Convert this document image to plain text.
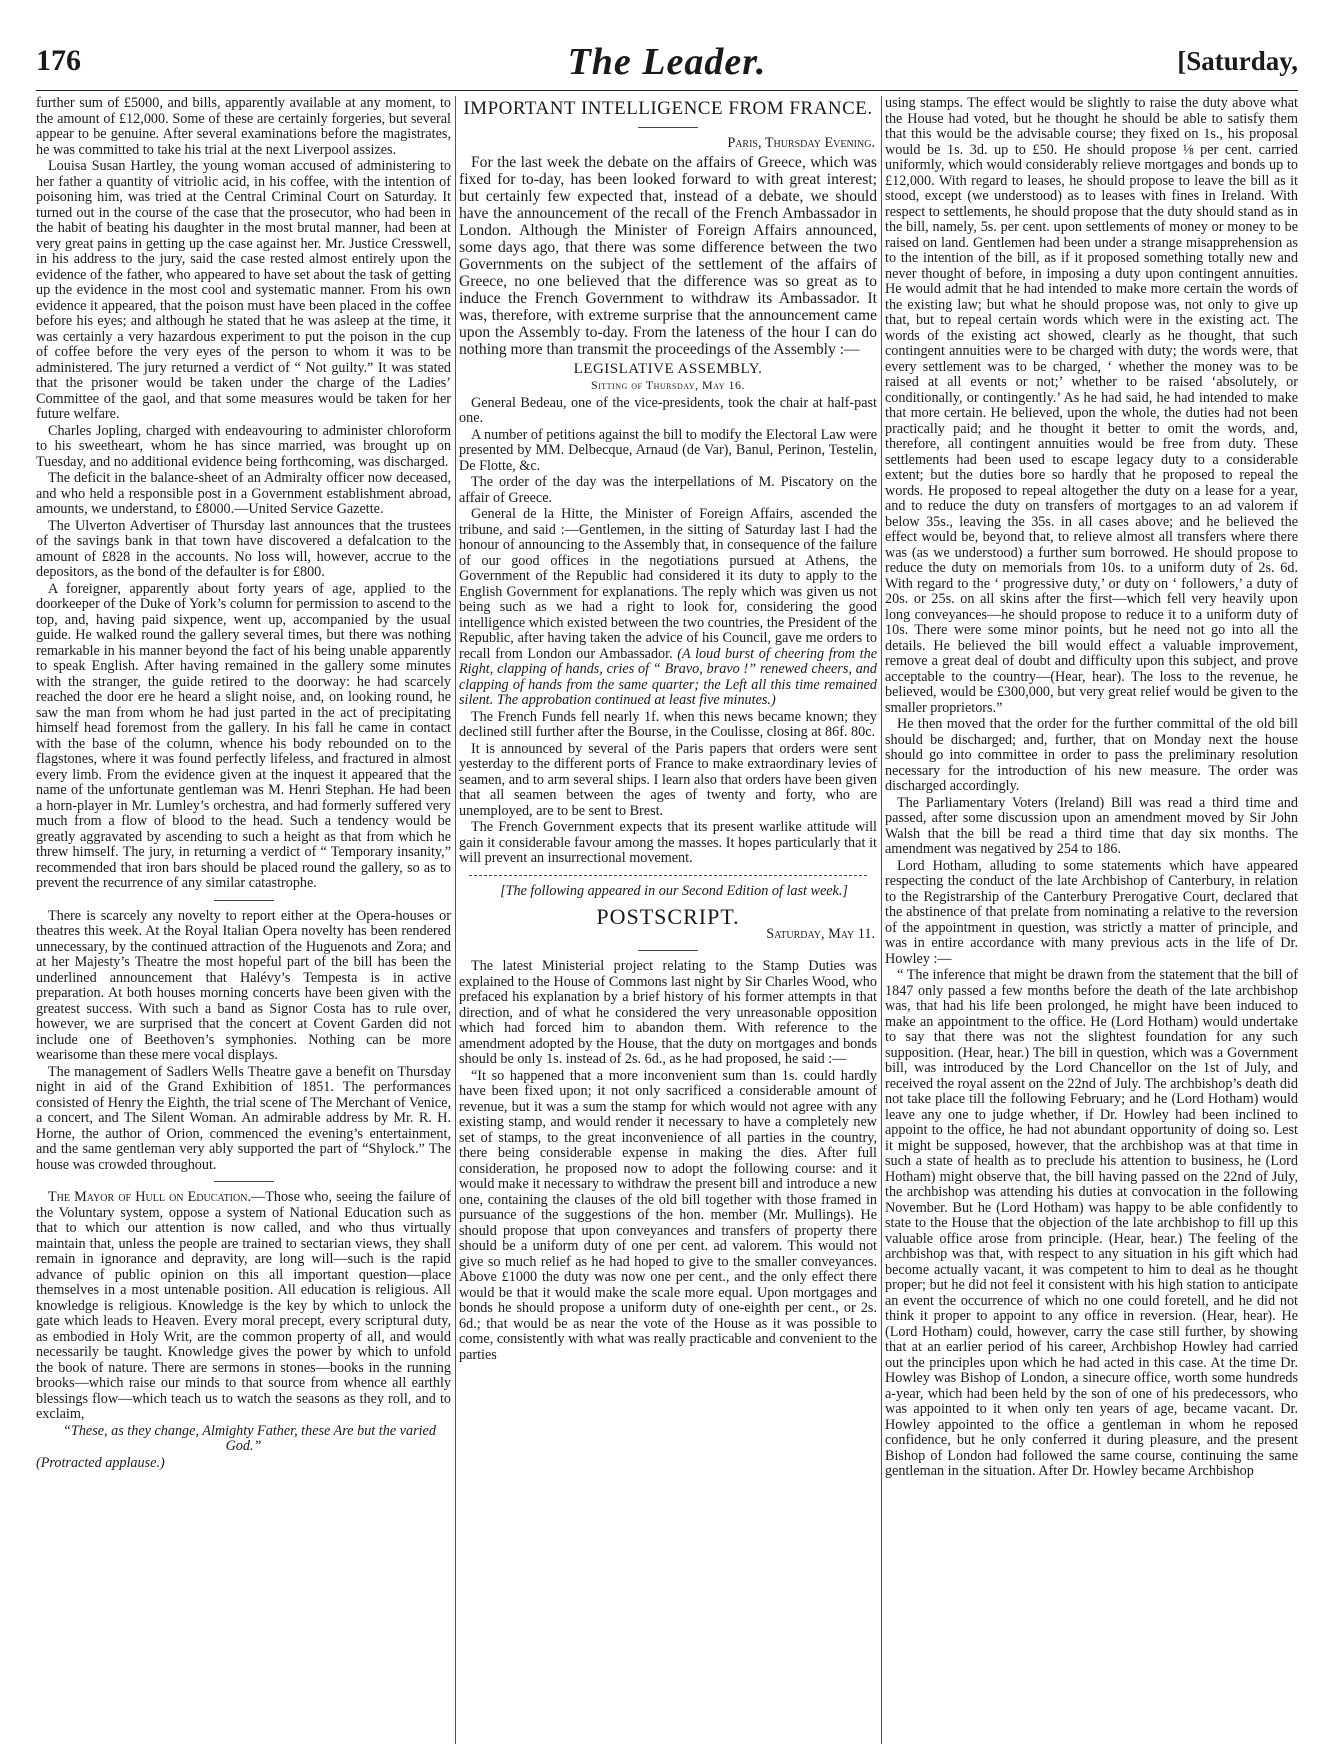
176	The Leader.	[Saturday,

further sum of £5000, and bills, apparently available at any moment, to the amount of £12,000. Some of these are certainly forgeries, but several appear to be genuine. After several examinations before the magistrates, he was committed to take his trial at the next Liverpool assizes.

Louisa Susan Hartley, the young woman accused of administering to her father a quantity of vitriolic acid, in his coffee, with the intention of poisoning him, was tried at the Central Criminal Court on Saturday. It turned out in the course of the case that the prosecutor, who had been in the habit of beating his daughter in the most brutal manner, had been at very great pains in getting up the case against her. Mr. Justice Cresswell, in his address to the jury, said the case rested almost entirely upon the evidence of the father, who appeared to have set about the task of getting up the evidence in the most cool and systematic manner. From his own evidence it appeared, that the poison must have been placed in the coffee before his eyes; and although he stated that he was asleep at the time, it was certainly a very hazardous experiment to put the poison in the cup of coffee before the very eyes of the person to whom it was to be administered. The jury returned a verdict of “ Not guilty.” It was stated that the prisoner would be taken under the charge of the Ladies’ Committee of the gaol, and that some measures would be taken for her future welfare.

Charles Jopling, charged with endeavouring to administer chloroform to his sweetheart, whom he has since married, was brought up on Tuesday, and no additional evidence being forthcoming, was discharged.

The deficit in the balance-sheet of an Admiralty officer now deceased, and who held a responsible post in a Government establishment abroad, amounts, we understand, to £8000.—United Service Gazette.

The Ulverton Advertiser of Thursday last announces that the trustees of the savings bank in that town have discovered a defalcation to the amount of £828 in the accounts. No loss will, however, accrue to the depositors, as the bond of the defaulter is for £800.

A foreigner, apparently about forty years of age, applied to the doorkeeper of the Duke of York’s column for permission to ascend to the top, and, having paid sixpence, went up, accompanied by the usual guide. He walked round the gallery several times, but there was nothing remarkable in his manner beyond the fact of his being unable apparently to speak English. After having remained in the gallery some minutes with the stranger, the guide retired to the doorway: he had scarcely reached the door ere he heard a slight noise, and, on looking round, he saw the man from whom he had just parted in the act of precipitating himself head foremost from the gallery. In his fall he came in contact with the base of the column, whence his body rebounded on to the flagstones, where it was found perfectly lifeless, and fractured in almost every limb. From the evidence given at the inquest it appeared that the name of the unfortunate gentleman was M. Henri Stephan. He had been a horn-player in Mr. Lumley’s orchestra, and had formerly suffered very much from a flow of blood to the head. Such a tendency would be greatly aggravated by ascending to such a height as that from which he threw himself. The jury, in returning a verdict of “ Temporary insanity,” recommended that iron bars should be placed round the gallery, so as to prevent the recurrence of any similar catastrophe.

There is scarcely any novelty to report either at the Opera-houses or theatres this week. At the Royal Italian Opera novelty has been rendered unnecessary, by the continued attraction of the Huguenots and Zora; and at her Majesty’s Theatre the most hopeful part of the bill has been the underlined announcement that Halévy’s Tempesta is in active preparation. At both houses morning concerts have been given with the greatest success. With such a band as Signor Costa has to rule over, however, we are surprised that the concert at Covent Garden did not include one of Beethoven’s symphonies. Nothing can be more wearisome than these mere vocal displays.

The management of Sadlers Wells Theatre gave a benefit on Thursday night in aid of the Grand Exhibition of 1851. The performances consisted of Henry the Eighth, the trial scene of The Merchant of Venice, a concert, and The Silent Woman. An admirable address by Mr. R. H. Horne, the author of Orion, commenced the evening’s entertainment, and the same gentleman very ably supported the part of “Shylock.” The house was crowded throughout.

The Mayor of Hull on Education.—Those who, seeing the failure of the Voluntary system, oppose a system of National Education such as that to which our attention is now called, and who thus virtually maintain that, unless the people are trained to sectarian views, they shall remain in ignorance and depravity, are long will—such is the rapid advance of public opinion on this all important question—place themselves in a most untenable position. All education is religious. All knowledge is religious. Knowledge is the key by which to unlock the gate which leads to Heaven. Every moral precept, every scriptural duty, as embodied in Holy Writ, are the common property of all, and would necessarily be taught. Knowledge gives the power by which to unfold the book of nature. There are sermons in stones—books in the running brooks—which raise our minds to that source from whence all earthly blessings flow—which teach us to watch the seasons as they roll, and to exclaim,

“These, as they change, Almighty Father, these Are but the varied God.”

(Protracted applause.)

IMPORTANT INTELLIGENCE FROM FRANCE.
Paris, Thursday Evening.

For the last week the debate on the affairs of Greece, which was fixed for to-day, has been looked forward to with great interest; but certainly few expected that, instead of a debate, we should have the announcement of the recall of the French Ambassador in London. Although the Minister of Foreign Affairs announced, some days ago, that there was some difference between the two Governments on the subject of the settlement of the affairs of Greece, no one believed that the difference was so great as to induce the French Government to withdraw its Ambassador. It was, therefore, with extreme surprise that the announcement came upon the Assembly to-day. From the lateness of the hour I can do nothing more than transmit the proceedings of the Assembly :—

LEGISLATIVE ASSEMBLY.
Sitting of Thursday, May 16.

General Bedeau, one of the vice-presidents, took the chair at half-past one.

A number of petitions against the bill to modify the Electoral Law were presented by MM. Delbecque, Arnaud (de Var), Banul, Perinon, Testelin, De Flotte, &c.

The order of the day was the interpellations of M. Piscatory on the affair of Greece.

General de la Hitte, the Minister of Foreign Affairs, ascended the tribune, and said :—Gentlemen, in the sitting of Saturday last I had the honour of announcing to the Assembly that, in consequence of the failure of our good offices in the negotiations pursued at Athens, the Government of the Republic had considered it its duty to apply to the English Government for explanations. The reply which was given us not being such as we had a right to look for, considering the good intelligence which existed between the two countries, the President of the Republic, after having taken the advice of his Council, gave me orders to recall from London our Ambassador. (A loud burst of cheering from the Right, clapping of hands, cries of “ Bravo, bravo !” renewed cheers, and clapping of hands from the same quarter; the Left all this time remained silent. The approbation continued at least five minutes.)

The French Funds fell nearly 1f. when this news became known; they declined still further after the Bourse, in the Coulisse, closing at 86f. 80c.

It is announced by several of the Paris papers that orders were sent yesterday to the different ports of France to make extraordinary levies of seamen, and to arm several ships. I learn also that orders have been given that all seamen between the ages of twenty and forty, who are unemployed, are to be sent to Brest.

The French Government expects that its present warlike attitude will gain it considerable favour among the masses. It hopes particularly that it will prevent an insurrectional movement.

[The following appeared in our Second Edition of last week.]

POSTSCRIPT.
Saturday, May 11.

The latest Ministerial project relating to the Stamp Duties was explained to the House of Commons last night by Sir Charles Wood, who prefaced his explanation by a brief history of his former attempts in that direction, and of what he considered the very unreasonable opposition which had forced him to abandon them. With reference to the amendment adopted by the House, that the duty on mortgages and bonds should be only 1s. instead of 2s. 6d., as he had proposed, he said :—

“It so happened that a more inconvenient sum than 1s. could hardly have been fixed upon; it not only sacrificed a considerable amount of revenue, but it was a sum the stamp for which would not agree with any existing stamp, and would render it necessary to have a completely new set of stamps, to the great inconvenience of all parties in the country, there being considerable expense in making the dies. After full consideration, he proposed now to adopt the following course: and it would make it necessary to withdraw the present bill and introduce a new one, containing the clauses of the old bill together with those framed in pursuance of the suggestions of the hon. member (Mr. Mullings). He should propose that upon conveyances and transfers of property there should be a uniform duty of one per cent. ad valorem. This would not give so much relief as he had hoped to give to the smaller conveyances. Above £1000 the duty was now one per cent., and the only effect there would be that it would make the scale more equal. Upon mortgages and bonds he should propose a uniform duty of one-eighth per cent., or 2s. 6d.; that would be as near the vote of the House as it was possible to come, consistently with what was really practicable and convenient to the parties

using stamps. The effect would be slightly to raise the duty above what the House had voted, but he thought he should be able to satisfy them that this would be the advisable course; they fixed on 1s., his proposal would be 1s. 3d. up to £50. He should propose ⅛ per cent. carried uniformly, which would considerably relieve mortgages and bonds up to £12,000. With regard to leases, he should propose to leave the bill as it stood, except (we understood) as to leases with fines in Ireland. With respect to settlements, he should propose that the duty should stand as in the bill, namely, 5s. per cent. upon settlements of money or money to be raised on land. Gentlemen had been under a strange misapprehension as to the intention of the bill, as if it proposed something totally new and never thought of before, in imposing a duty upon contingent annuities. He would admit that he had intended to make more certain the words of the existing law; but what he should propose was, not only to give up that, but to repeal certain words which were in the existing act. The words of the existing act showed, clearly as he thought, that such contingent annuities were to be charged with duty; the words were, that every settlement was to be charged, ‘ whether the money was to be raised at all events or not;’ whether to be raised ‘absolutely, or conditionally, or contingently.’ As he had said, he had intended to make that more certain. He believed, upon the whole, the duties had not been practically paid; and he thought it better to omit the words, and, therefore, all contingent annuities would be free from duty. These settlements had been used to escape legacy duty to a considerable extent; but the duties bore so hardly that he proposed to repeal the words. He proposed to repeal altogether the duty on a lease for a year, and to reduce the duty on transfers of mortgages to an ad valorem if below 35s., leaving the 35s. in all cases above; and he believed the effect would be, beyond that, to relieve almost all transfers where there was (as we understood) a further sum borrowed. He should propose to reduce the duty on memorials from 10s. to a uniform duty of 2s. 6d. With regard to the ‘ progressive duty,’ or duty on ‘ followers,’ a duty of 20s. or 25s. on all skins after the first—which fell very heavily upon long conveyances—he should propose to reduce it to a uniform duty of 10s. There were some minor points, but he need not go into all the details. He believed the bill would effect a valuable improvement, remove a great deal of doubt and difficulty upon this subject, and prove acceptable to the country—(Hear, hear). The loss to the revenue, he believed, would be £300,000, but very great relief would be given to the smaller proprietors.”

He then moved that the order for the further committal of the old bill should be discharged; and, further, that on Monday next the house should go into committee in order to pass the preliminary resolution necessary for the introduction of his new measure. The order was discharged accordingly.

The Parliamentary Voters (Ireland) Bill was read a third time and passed, after some discussion upon an amendment moved by Sir John Walsh that the bill be read a third time that day six months. The amendment was negatived by 254 to 186.

Lord Hotham, alluding to some statements which have appeared respecting the conduct of the late Archbishop of Canterbury, in relation to the Registrarship of the Canterbury Prerogative Court, declared that the abstinence of that prelate from nominating a relative to the reversion of the appointment in question, was strictly a matter of principle, and was in entire accordance with many previous acts in the life of Dr. Howley :—

“ The inference that might be drawn from the statement that the bill of 1847 only passed a few months before the death of the late archbishop was, that had his life been prolonged, he might have been induced to make an appointment to the office. He (Lord Hotham) would undertake to say that there was not the slightest foundation for any such supposition. (Hear, hear.) The bill in question, which was a Government bill, was introduced by the Lord Chancellor on the 1st of July, and received the royal assent on the 22nd of July. The archbishop’s death did not take place till the following February; and he (Lord Hotham) would leave any one to judge whether, if Dr. Howley had been inclined to appoint to the office, he had not abundant opportunity of doing so. Lest it might be supposed, however, that the archbishop was at that time in such a state of health as to preclude his attention to business, he (Lord Hotham) might observe that, the bill having passed on the 22nd of July, the archbishop was attending his duties at convocation in the following November. But he (Lord Hotham) was happy to be able confidently to state to the House that the objection of the late archbishop to fill up this valuable office arose from principle. (Hear, hear.) The feeling of the archbishop was that, with respect to any situation in his gift which had become actually vacant, it was competent to him to deal as he thought proper; but he did not feel it consistent with his high station to anticipate an event the occurrence of which no one could foretell, and he did not think it proper to appoint to any office in reversion. (Hear, hear). He (Lord Hotham) could, however, carry the case still further, by showing that at an earlier period of his career, Archbishop Howley had carried out the principles upon which he had acted in this case. At the time Dr. Howley was Bishop of London, a sinecure office, worth some hundreds a-year, which had been held by the son of one of his predecessors, who was appointed to it when only ten years of age, became vacant. Dr. Howley appointed to the office a gentleman in whom he reposed confidence, but he only conferred it during pleasure, and the present Bishop of London had followed the same course, continuing the same gentleman in the situation. After Dr. Howley became Archbishop
